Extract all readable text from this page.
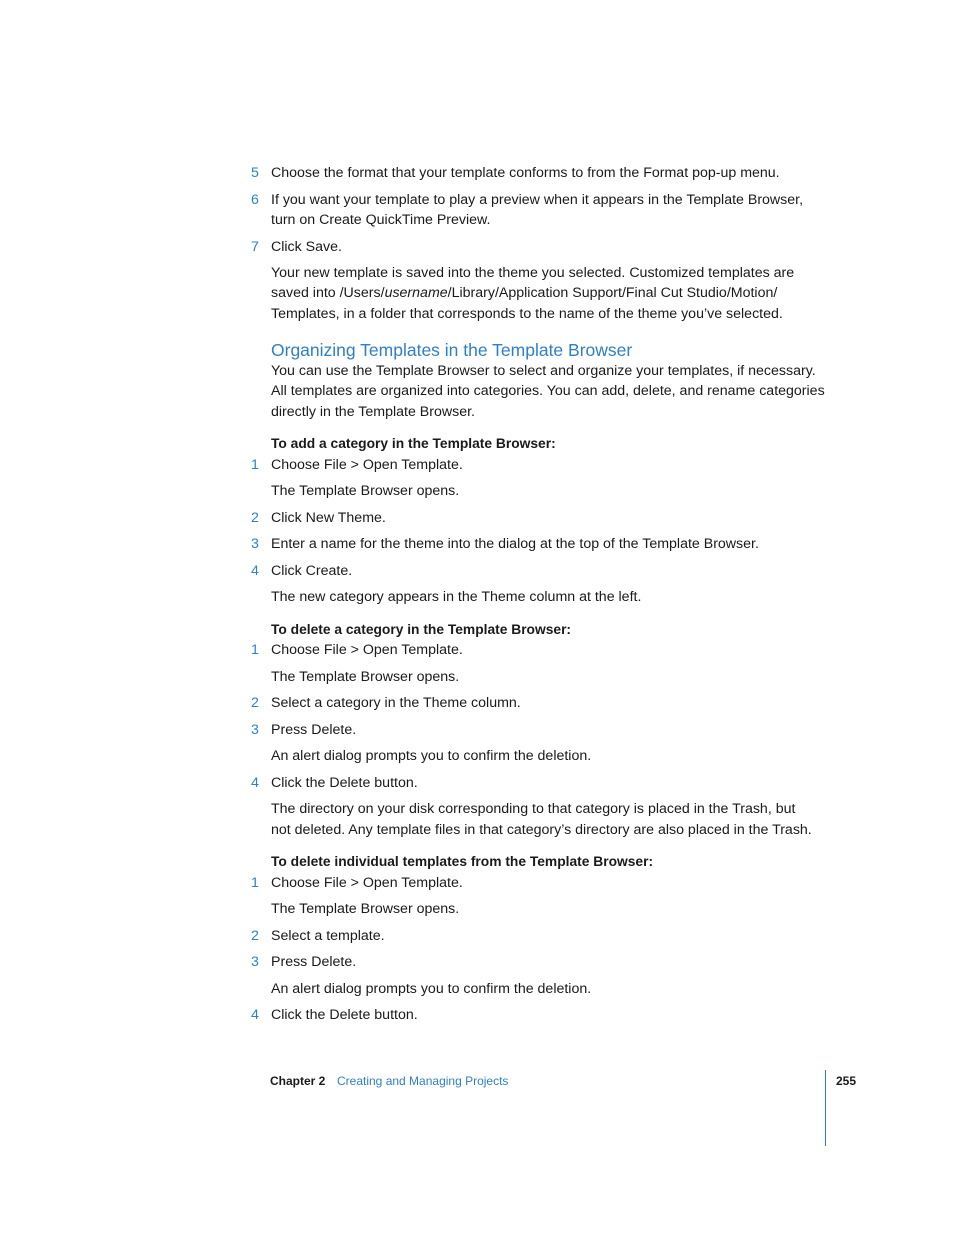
5 Choose the format that your template conforms to from the Format pop-up menu.
6 If you want your template to play a preview when it appears in the Template Browser,
turn on Create QuickTime Preview.
7 Click Save.
Your new template is saved into the theme you selected. Customized templates are
saved into /Users/username/Library/Application Support/Final Cut Studio/Motion/
Templates, in a folder that corresponds to the name of the theme you’ve selected.
Organizing Templates in the Template Browser
You can use the Template Browser to select and organize your templates, if necessary.
All templates are organized into categories. You can add, delete, and rename categories
directly in the Template Browser.
To add a category in the Template Browser:
1 Choose File > Open Template.
The Template Browser opens.
2 Click New Theme.
3 Enter a name for the theme into the dialog at the top of the Template Browser.
4 Click Create.
The new category appears in the Theme column at the left.
To delete a category in the Template Browser:
1 Choose File > Open Template.
The Template Browser opens.
2 Select a category in the Theme column.
3 Press Delete.
An alert dialog prompts you to confirm the deletion.
4 Click the Delete button.
The directory on your disk corresponding to that category is placed in the Trash, but
not deleted. Any template files in that category’s directory are also placed in the Trash.
To delete individual templates from the Template Browser:
1 Choose File > Open Template.
The Template Browser opens.
2 Select a template.
3 Press Delete.
An alert dialog prompts you to confirm the deletion.
4 Click the Delete button.
Chapter 2 Creating and Managing Projects	255
